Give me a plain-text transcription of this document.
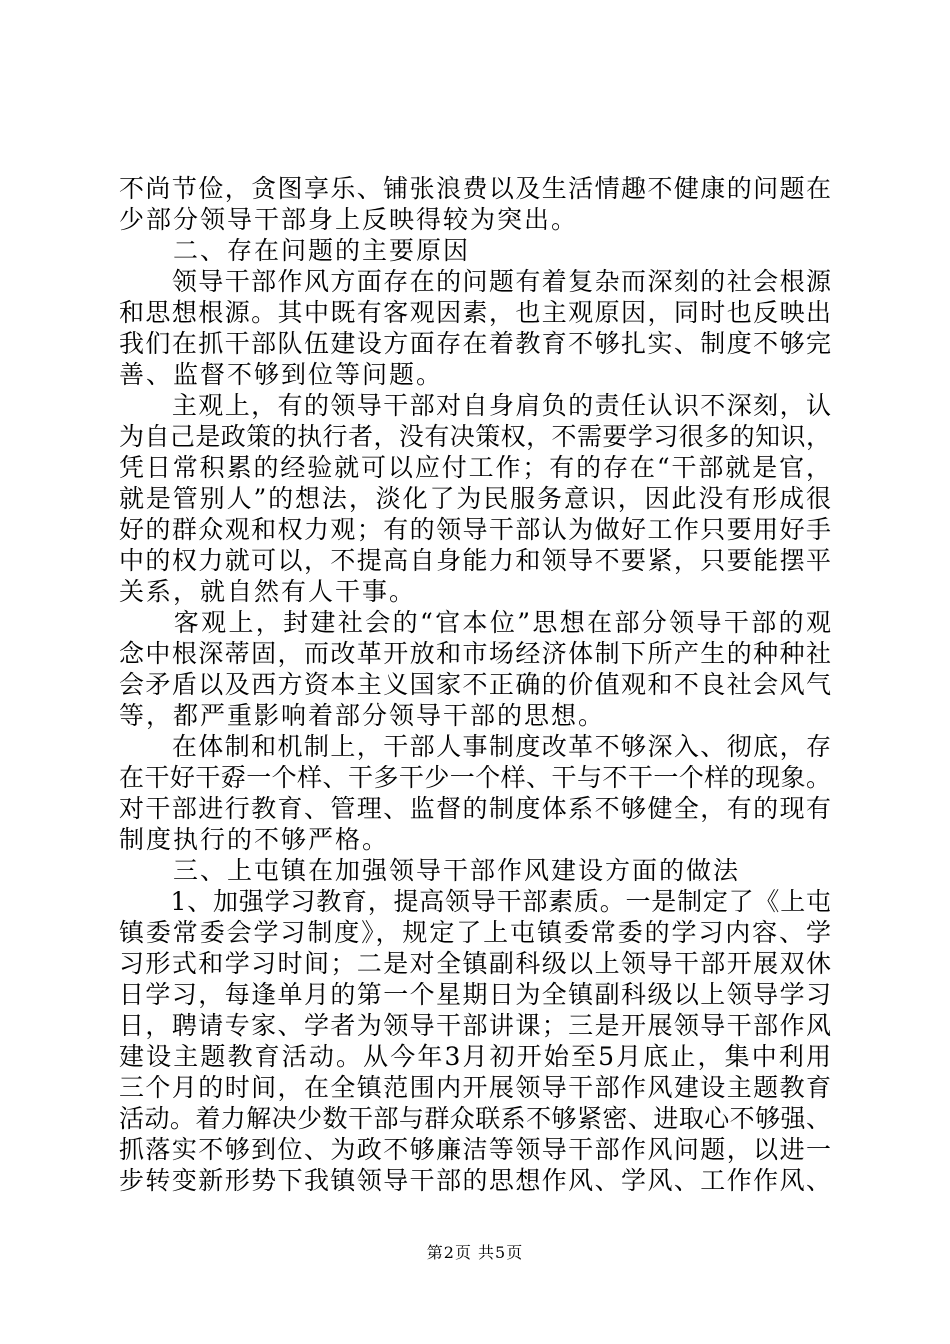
不尚节俭，贪图享乐、铺张浪费以及生活情趣不健康的问题在
少部分领导干部身上反映得较为突出。
　　二、存在问题的主要原因
　　领导干部作风方面存在的问题有着复杂而深刻的社会根源
和思想根源。其中既有客观因素，也主观原因，同时也反映出
我们在抓干部队伍建设方面存在着教育不够扎实、制度不够完
善、监督不够到位等问题。
　　主观上，有的领导干部对自身肩负的责任认识不深刻，认
为自己是政策的执行者，没有决策权，不需要学习很多的知识，
凭日常积累的经验就可以应付工作；有的存在“干部就是官，
就是管别人”的想法，淡化了为民服务意识，因此没有形成很
好的群众观和权力观；有的领导干部认为做好工作只要用好手
中的权力就可以，不提高自身能力和领导不要紧，只要能摆平
关系，就自然有人干事。
　　客观上，封建社会的“官本位”思想在部分领导干部的观
念中根深蒂固，而改革开放和市场经济体制下所产生的种种社
会矛盾以及西方资本主义国家不正确的价值观和不良社会风气
等，都严重影响着部分领导干部的思想。
　　在体制和机制上，干部人事制度改革不够深入、彻底，存
在干好干孬一个样、干多干少一个样、干与不干一个样的现象。
对干部进行教育、管理、监督的制度体系不够健全，有的现有
制度执行的不够严格。
　　三、上屯镇在加强领导干部作风建设方面的做法
　　1、加强学习教育，提高领导干部素质。一是制定了《上屯
镇委常委会学习制度》，规定了上屯镇委常委的学习内容、学
习形式和学习时间；二是对全镇副科级以上领导干部开展双休
日学习，每逢单月的第一个星期日为全镇副科级以上领导学习
日，聘请专家、学者为领导干部讲课；三是开展领导干部作风
建设主题教育活动。从今年3月初开始至5月底止，集中利用
三个月的时间，在全镇范围内开展领导干部作风建设主题教育
活动。着力解决少数干部与群众联系不够紧密、进取心不够强、
抓落实不够到位、为政不够廉洁等领导干部作风问题，以进一
步转变新形势下我镇领导干部的思想作风、学风、工作作风、
第2页 共5页
